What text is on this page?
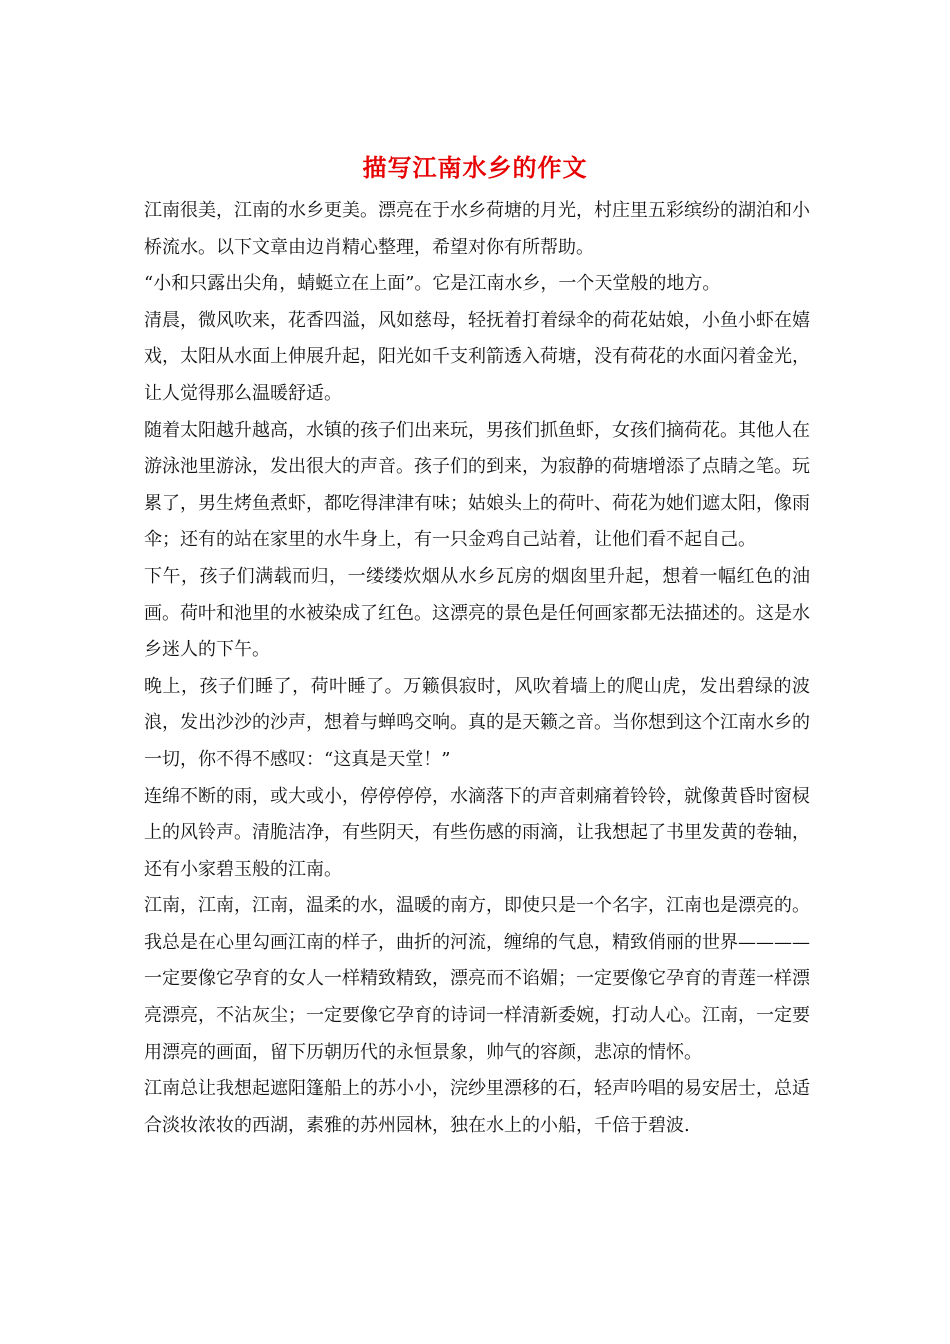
描写江南水乡的作文

江南很美，江南的水乡更美。漂亮在于水乡荷塘的月光，村庄里五彩缤纷的湖泊和小桥流水。以下文章由边肖精心整理，希望对你有所帮助。

“小和只露出尖角，蜻蜓立在上面”。它是江南水乡，一个天堂般的地方。

清晨，微风吹来，花香四溢，风如慈母，轻抚着打着绿伞的荷花姑娘，小鱼小虾在嬉戏，太阳从水面上伸展升起，阳光如千支利箭透入荷塘，没有荷花的水面闪着金光，让人觉得那么温暖舒适。

随着太阳越升越高，水镇的孩子们出来玩，男孩们抓鱼虾，女孩们摘荷花。其他人在游泳池里游泳，发出很大的声音。孩子们的到来，为寂静的荷塘增添了点睛之笔。玩累了，男生烤鱼煮虾，都吃得津津有味；姑娘头上的荷叶、荷花为她们遮太阳，像雨伞；还有的站在家里的水牛身上，有一只金鸡自己站着，让他们看不起自己。

下午，孩子们满载而归，一缕缕炊烟从水乡瓦房的烟囱里升起，想着一幅红色的油画。荷叶和池里的水被染成了红色。这漂亮的景色是任何画家都无法描述的。这是水乡迷人的下午。

晚上，孩子们睡了，荷叶睡了。万籁俱寂时，风吹着墙上的爬山虎，发出碧绿的波浪，发出沙沙的沙声，想着与蝉鸣交响。真的是天籁之音。当你想到这个江南水乡的一切，你不得不感叹：“这真是天堂！”

连绵不断的雨，或大或小，停停停停，水滴落下的声音刺痛着铃铃，就像黄昏时窗棂上的风铃声。清脆洁净，有些阴天，有些伤感的雨滴，让我想起了书里发黄的卷轴，还有小家碧玉般的江南。

江南，江南，江南，温柔的水，温暖的南方，即使只是一个名字，江南也是漂亮的。我总是在心里勾画江南的样子，曲折的河流，缠绵的气息，精致俏丽的世界————一定要像它孕育的女人一样精致精致，漂亮而不谄媚；一定要像它孕育的青莲一样漂亮漂亮，不沾灰尘；一定要像它孕育的诗词一样清新委婉，打动人心。江南，一定要用漂亮的画面，留下历朝历代的永恒景象，帅气的容颜，悲凉的情怀。

江南总让我想起遮阳篷船上的苏小小，浣纱里漂移的石，轻声吟唱的易安居士，总适合淡妆浓妆的西湖，素雅的苏州园林，独在水上的小船，千倍于碧波.
